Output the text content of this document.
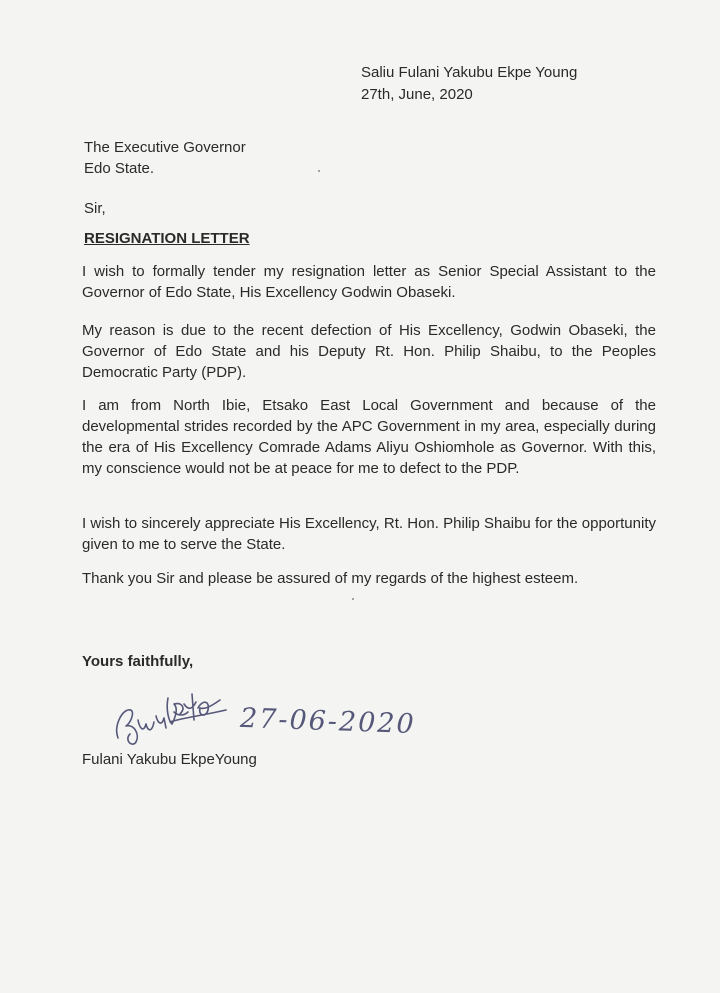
Saliu Fulani Yakubu Ekpe Young
27th, June, 2020
The Executive Governor
Edo State.
Sir,
RESIGNATION LETTER

I wish to formally tender my resignation letter as Senior Special Assistant to the Governor of Edo State, His Excellency Godwin Obaseki.

My reason is due to the recent defection of His Excellency, Godwin Obaseki, the Governor of Edo State and his Deputy Rt. Hon. Philip Shaibu, to the Peoples Democratic Party (PDP).

I am from North Ibie, Etsako East Local Government and because of the developmental strides recorded by the APC Government in my area, especially during the era of His Excellency Comrade Adams Aliyu Oshiomhole as Governor. With this, my conscience would not be at peace for me to defect to the PDP.

I wish to sincerely appreciate His Excellency, Rt. Hon. Philip Shaibu for the opportunity given to me to serve the State.

Thank you Sir and please be assured of my regards of the highest esteem.

Yours faithfully,
27-06-2020
Fulani Yakubu EkpeYoung
